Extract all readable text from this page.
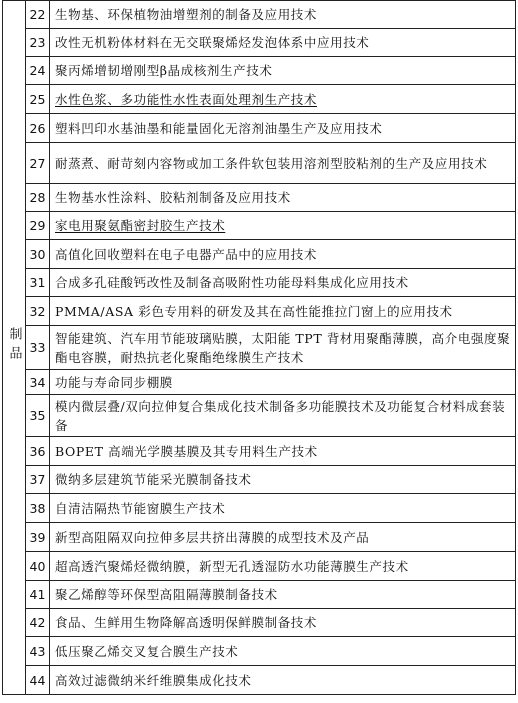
制品	22	生物基、环保植物油增塑剂的制备及应用技术
	23	改性无机粉体材料在无交联聚烯烃发泡体系中应用技术
	24	聚丙烯增韧增刚型β晶成核剂生产技术
	25	水性色浆、多功能性水性表面处理剂生产技术
	26	塑料凹印水基油墨和能量固化无溶剂油墨生产及应用技术
	27	耐蒸煮、耐苛刻内容物或加工条件软包装用溶剂型胶粘剂的生产及应用技术
	28	生物基水性涂料、胶粘剂制备及应用技术
	29	家电用聚氨酯密封胶生产技术
	30	高值化回收塑料在电子电器产品中的应用技术
	31	合成多孔硅酸钙改性及制备高吸附性功能母料集成化应用技术
	32	PMMA/ASA 彩色专用料的研发及其在高性能推拉门窗上的应用技术
	33	智能建筑、汽车用节能玻璃贴膜，太阳能 TPT 背材用聚酯薄膜，高介电强度聚酯电容膜，耐热抗老化聚酯绝缘膜生产技术
	34	功能与寿命同步棚膜
	35	模内微层叠/双向拉伸复合集成化技术制备多功能膜技术及功能复合材料成套装备
	36	BOPET 高端光学膜基膜及其专用料生产技术
	37	微纳多层建筑节能采光膜制备技术
	38	自清洁隔热节能窗膜生产技术
	39	新型高阻隔双向拉伸多层共挤出薄膜的成型技术及产品
	40	超高透汽聚烯烃微纳膜，新型无孔透湿防水功能薄膜生产技术
	41	聚乙烯醇等环保型高阻隔薄膜制备技术
	42	食品、生鲜用生物降解高透明保鲜膜制备技术
	43	低压聚乙烯交叉复合膜生产技术
	44	高效过滤微纳米纤维膜集成化技术
